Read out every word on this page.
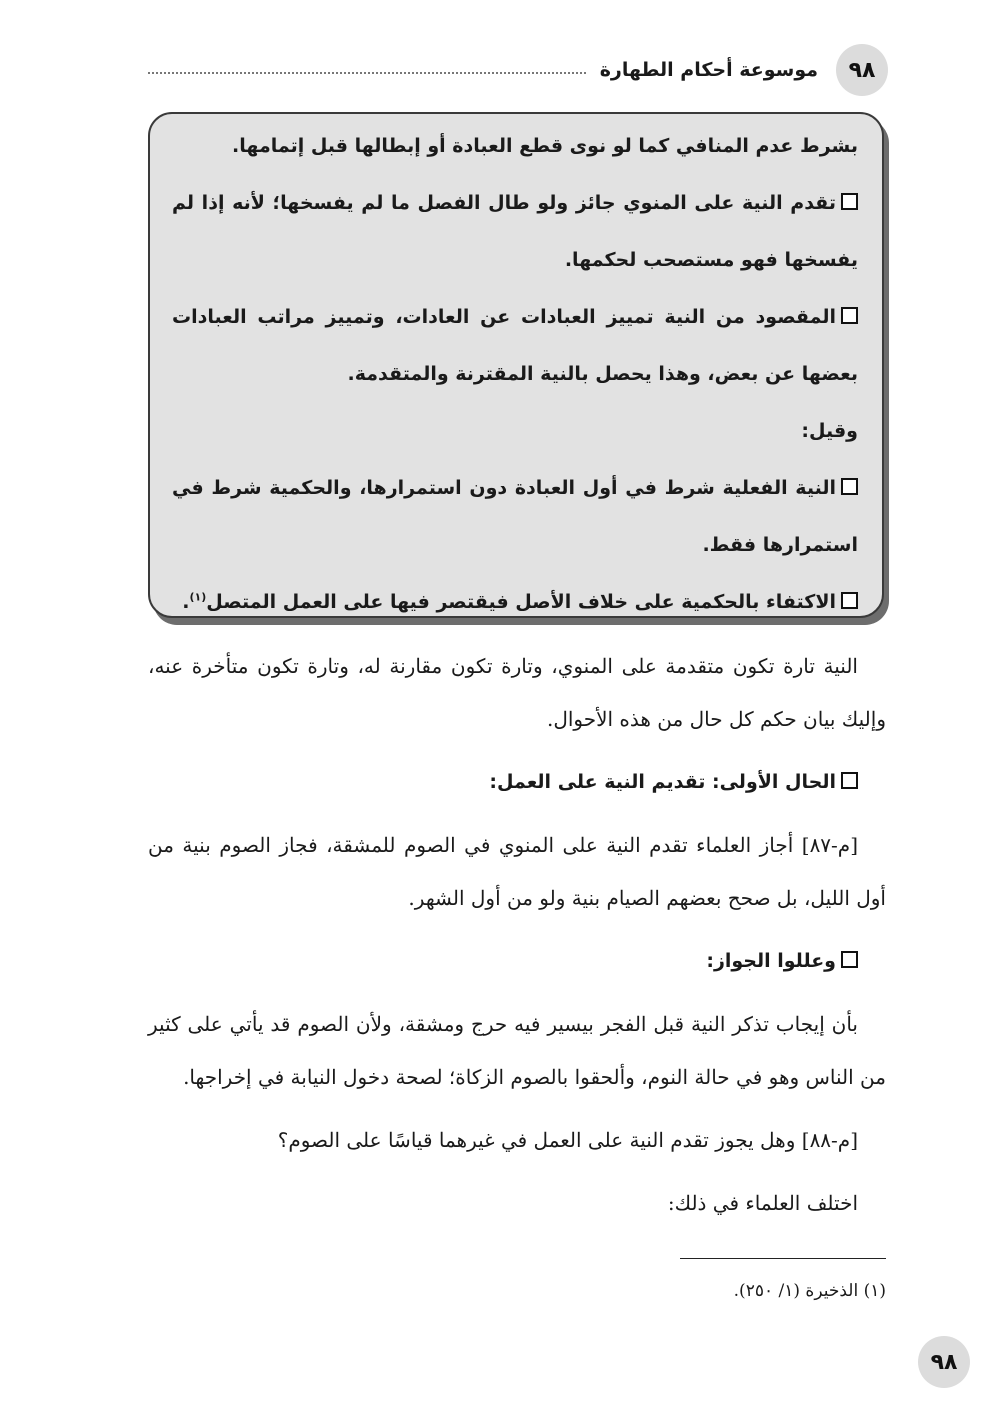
٩٨
موسوعة أحكام الطهارة

بشرط عدم المنافي كما لو نوى قطع العبادة أو إبطالها قبل إتمامها.

تقدم النية على المنوي جائز ولو طال الفصل ما لم يفسخها؛ لأنه إذا لم يفسخها فهو مستصحب لحكمها.

المقصود من النية تمييز العبادات عن العادات، وتمييز مراتب العبادات بعضها عن بعض، وهذا يحصل بالنية المقترنة والمتقدمة.

وقيل:

النية الفعلية شرط في أول العبادة دون استمرارها، والحكمية شرط في استمرارها فقط.

الاكتفاء بالحكمية على خلاف الأصل فيقتصر فيها على العمل المتصل$^{(١)}$.

النية تارة تكون متقدمة على المنوي، وتارة تكون مقارنة له، وتارة تكون متأخرة عنه، وإليك بيان حكم كل حال من هذه الأحوال.

الحال الأولى: تقديم النية على العمل:

[م-٨٧] أجاز العلماء تقدم النية على المنوي في الصوم للمشقة، فجاز الصوم بنية من أول الليل، بل صحح بعضهم الصيام بنية ولو من أول الشهر.

وعللوا الجواز:

بأن إيجاب تذكر النية قبل الفجر بيسير فيه حرج ومشقة، ولأن الصوم قد يأتي على كثير من الناس وهو في حالة النوم، وألحقوا بالصوم الزكاة؛ لصحة دخول النيابة في إخراجها.

[م-٨٨] وهل يجوز تقدم النية على العمل في غيرهما قياسًا على الصوم؟

اختلف العلماء في ذلك:

(١) الذخيرة (١/ ٢٥٠).
٩٨
